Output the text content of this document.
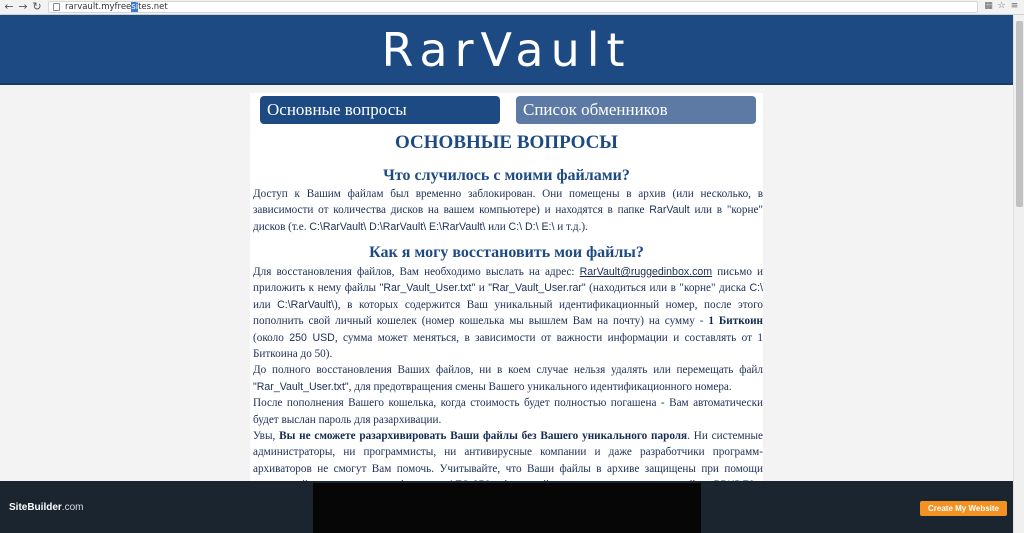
← → ↻	rarvault.myfreesites.net	▦ ☆ ≡
RarVault
Основные вопросы	Список обменников
ОСНОВНЫЕ ВОПРОСЫ
Что случилось с моими файлами?
Доступ к Вашим файлам был временно заблокирован. Они помещены в архив (или несколько, в зависимости от количества дисков на вашем компьютере) и находятся в папке RarVault или в "корне" дисков (т.е. C:\RarVault\ D:\RarVault\ E:\RarVault\ или C:\ D:\ E:\ и т.д.).
Как я могу восстановить мои файлы?
Для восстановления файлов, Вам необходимо выслать на адрес: RarVault@ruggedinbox.com письмо и приложить к нему файлы "Rar_Vault_User.txt" и "Rar_Vault_User.rar" (находиться или в "корне" диска C:\ или C:\RarVault\), в которых содержится Ваш уникальный идентификационный номер, после этого пополнить свой личный кошелек (номер кошелька мы вышлем Вам на почту) на сумму - 1 Биткоин (около 250 USD, сумма может меняться, в зависимости от важности информации и составлять от 1 Биткоина до 50).
До полного восстановления Ваших файлов, ни в коем случае нельзя удалять или перемещать файл "Rar_Vault_User.txt", для предотвращения смены Вашего уникального идентификационного номера.
После пополнения Вашего кошелька, когда стоимость будет полностью погашена - Вам автоматически будет выслан пароль для разархивации.
Увы, Вы не сможете разархивировать Ваши файлы без Вашего уникального пароля. Ни системные администраторы, ни программисты, ни антивирусные компании и даже разработчики программ-архиваторов не смогут Вам помочь. Учитывайте, что Ваши файлы в архиве защищены при помощи
SiteBuilder.com	Create My Website
